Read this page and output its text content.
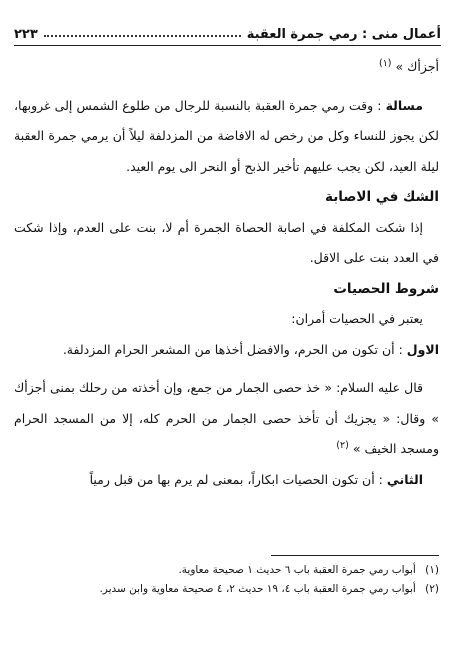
أعمال منى : رمي جمرة العقبة
٢٢٣

أجزأك » $^{(١)}$

مسالة : وقت رمي جمرة العقبة بالنسبة للرجال من طلوع الشمس إلى غروبها، لكن يجوز للنساء وكل من رخص له الافاضة من المزدلفة ليلاً أن يرمي جمرة العقبة ليلة العيد، لكن يجب عليهم تأخير الذبح أو النحر الى يوم العيد.

الشك في الاصابة

إذا شكت المكلفة في اصابة الحصاة الجمرة أم لا، بنت على العدم، وإذا شكت في العدد بنت على الاقل.

شروط الحصيات

يعتبر في الحصيات أمران:

الاول : أن تكون من الحرم، والافضل أخذها من المشعر الحرام المزدلفة.

قال عليه السلام: « خذ حصى الجمار من جمع، وإن أخذته من رحلك بمنى أجزأك » وقال: « يجزيك أن تأخذ حصى الجمار من الحرم كله، إلا من المسجد الحرام ومسجد الخيف » $^{(٢)}$

الثاني : أن تكون الحصيات ابكاراً، بمعنى لم يرم بها من قبل رمياً

(١) أبواب رمي جمرة العقبة باب ٦ حديث ١ صحيحة معاوية.

(٢) أبواب رمي جمرة العقبة باب ٤، ١٩ حديث ٢، ٤ صحيحة معاوية وابن سدير.
